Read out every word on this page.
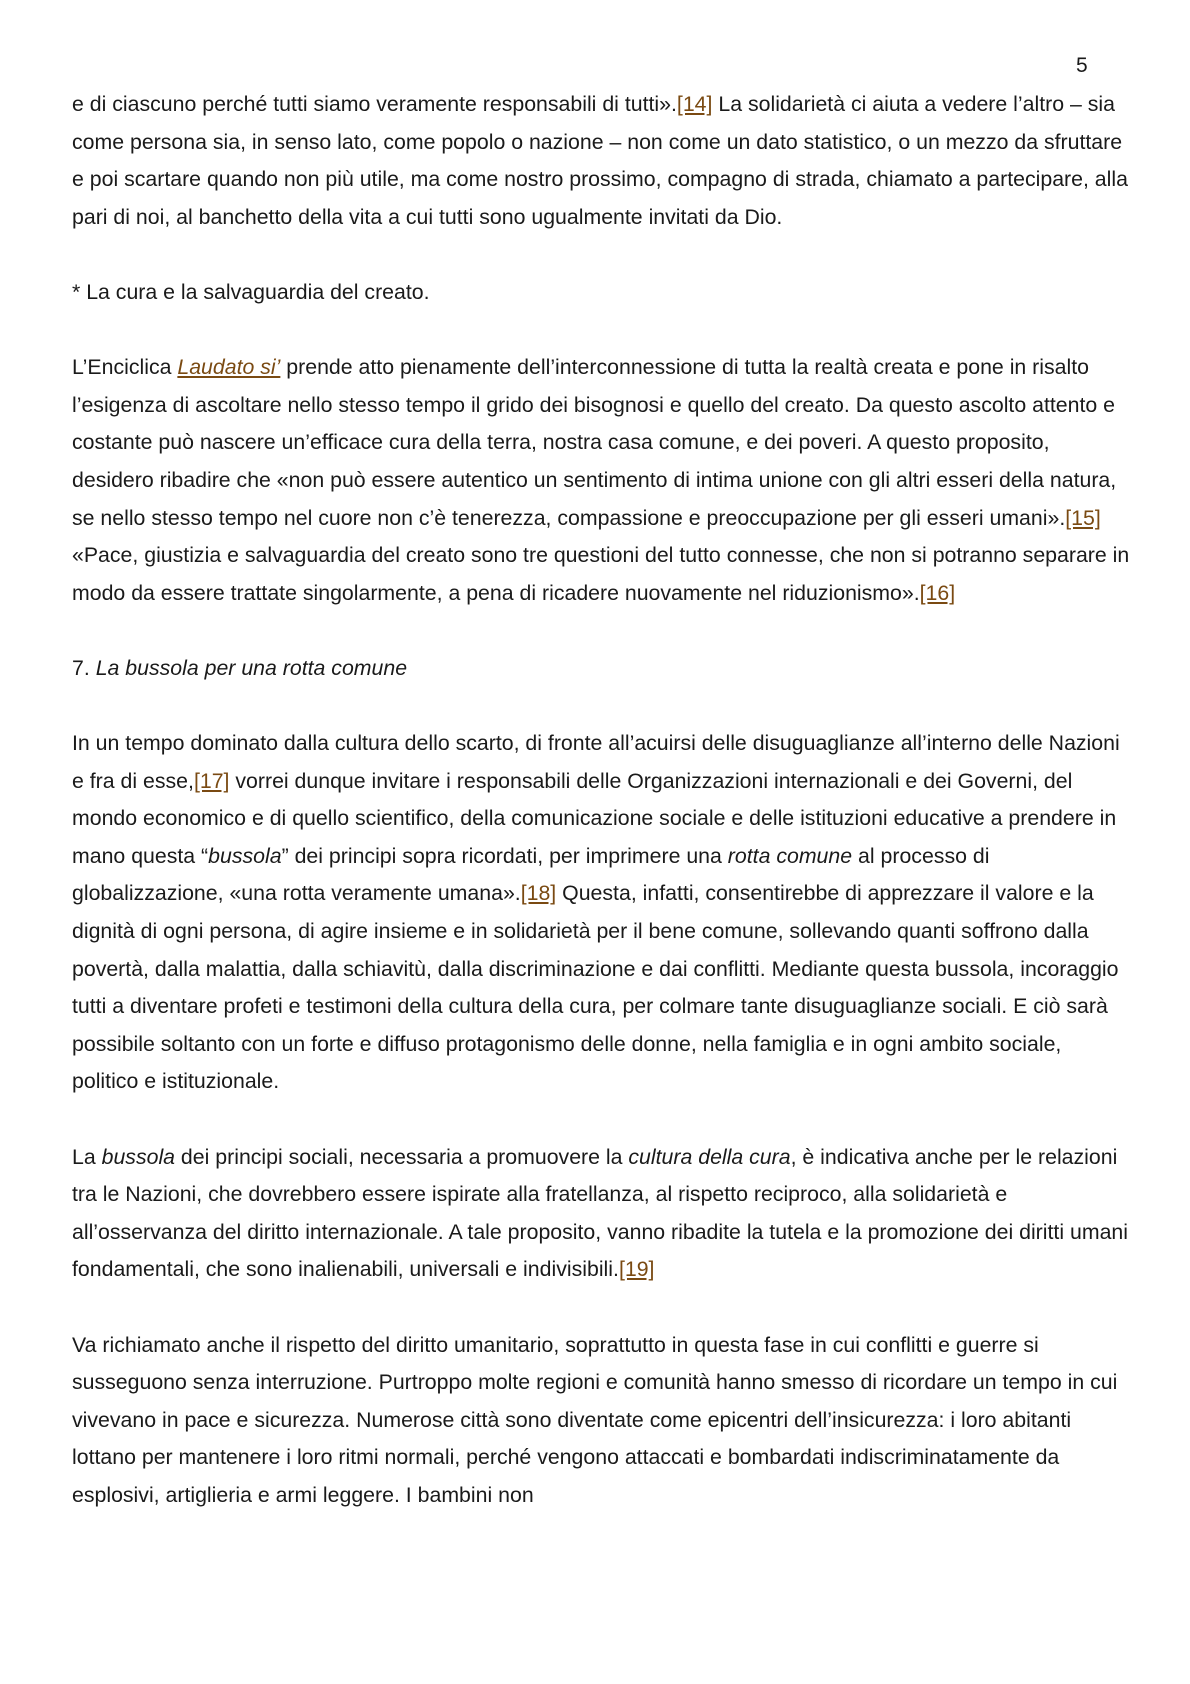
5

e di ciascuno perché tutti siamo veramente responsabili di tutti».[14] La solidarietà ci aiuta a vedere l’altro – sia come persona sia, in senso lato, come popolo o nazione – non come un dato statistico, o un mezzo da sfruttare e poi scartare quando non più utile, ma come nostro prossimo, compagno di strada, chiamato a partecipare, alla pari di noi, al banchetto della vita a cui tutti sono ugualmente invitati da Dio.

* La cura e la salvaguardia del creato.

L’Enciclica Laudato si’ prende atto pienamente dell’interconnessione di tutta la realtà creata e pone in risalto l’esigenza di ascoltare nello stesso tempo il grido dei bisognosi e quello del creato. Da questo ascolto attento e costante può nascere un’efficace cura della terra, nostra casa comune, e dei poveri. A questo proposito, desidero ribadire che «non può essere autentico un sentimento di intima unione con gli altri esseri della natura, se nello stesso tempo nel cuore non c’è tenerezza, compassione e preoccupazione per gli esseri umani».[15] «Pace, giustizia e salvaguardia del creato sono tre questioni del tutto connesse, che non si potranno separare in modo da essere trattate singolarmente, a pena di ricadere nuovamente nel riduzionismo».[16]

7. La bussola per una rotta comune

In un tempo dominato dalla cultura dello scarto, di fronte all’acuirsi delle disuguaglianze all’interno delle Nazioni e fra di esse,[17] vorrei dunque invitare i responsabili delle Organizzazioni internazionali e dei Governi, del mondo economico e di quello scientifico, della comunicazione sociale e delle istituzioni educative a prendere in mano questa “bussola” dei principi sopra ricordati, per imprimere una rotta comune al processo di globalizzazione, «una rotta veramente umana».[18] Questa, infatti, consentirebbe di apprezzare il valore e la dignità di ogni persona, di agire insieme e in solidarietà per il bene comune, sollevando quanti soffrono dalla povertà, dalla malattia, dalla schiavitù, dalla discriminazione e dai conflitti. Mediante questa bussola, incoraggio tutti a diventare profeti e testimoni della cultura della cura, per colmare tante disuguaglianze sociali. E ciò sarà possibile soltanto con un forte e diffuso protagonismo delle donne, nella famiglia e in ogni ambito sociale, politico e istituzionale.

La bussola dei principi sociali, necessaria a promuovere la cultura della cura, è indicativa anche per le relazioni tra le Nazioni, che dovrebbero essere ispirate alla fratellanza, al rispetto reciproco, alla solidarietà e all’osservanza del diritto internazionale. A tale proposito, vanno ribadite la tutela e la promozione dei diritti umani fondamentali, che sono inalienabili, universali e indivisibili.[19]

Va richiamato anche il rispetto del diritto umanitario, soprattutto in questa fase in cui conflitti e guerre si susseguono senza interruzione. Purtroppo molte regioni e comunità hanno smesso di ricordare un tempo in cui vivevano in pace e sicurezza. Numerose città sono diventate come epicentri dell’insicurezza: i loro abitanti lottano per mantenere i loro ritmi normali, perché vengono attaccati e bombardati indiscriminatamente da esplosivi, artiglieria e armi leggere. I bambini non
